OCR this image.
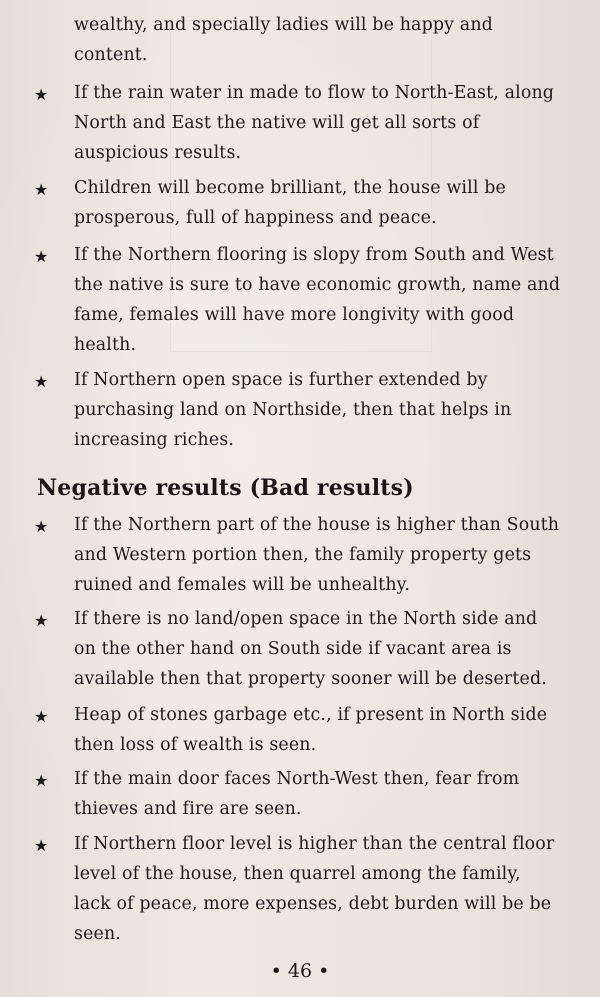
wealthy, and specially ladies will be happy and
content.

★ If the rain water in made to flow to North-East, along
North and East the native will get all sorts of
auspicious results.

★ Children will become brilliant, the house will be
prosperous, full of happiness and peace.

★ If the Northern flooring is slopy from South and West
the native is sure to have economic growth, name and
fame, females will have more longivity with good
health.

★ If Northern open space is further extended by
purchasing land on Northside, then that helps in
increasing riches.

Negative results (Bad results)
★ If the Northern part of the house is higher than South
and Western portion then, the family property gets
ruined and females will be unhealthy.

★ If there is no land/open space in the North side and
on the other hand on South side if vacant area is
available then that property sooner will be deserted.

★ Heap of stones garbage etc., if present in North side
then loss of wealth is seen.

★ If the main door faces North-West then, fear from
thieves and fire are seen.

★ If Northern floor level is higher than the central floor
level of the house, then quarrel among the family,
lack of peace, more expenses, debt burden will be be
seen.

• 46 •
